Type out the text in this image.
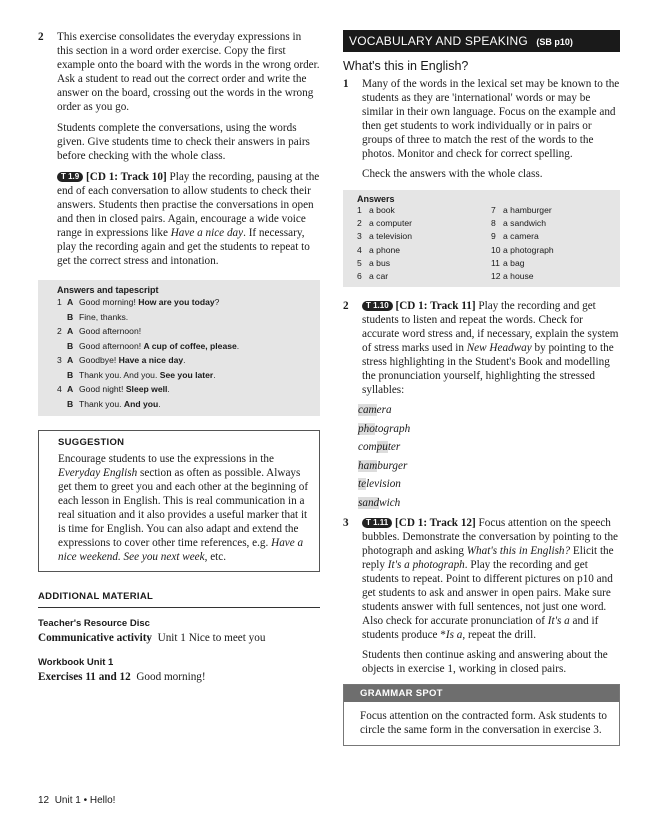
2 This exercise consolidates the everyday expressions in this section in a word order exercise. Copy the first example onto the board with the words in the wrong order. Ask a student to read out the correct order and write the answer on the board, crossing out the words in the wrong order as you go.

Students complete the conversations, using the words given. Give students time to check their answers in pairs before checking with the whole class.

T 1.9 [CD 1: Track 10] Play the recording, pausing at the end of each conversation to allow students to check their answers. Students then practise the conversations in open and then in closed pairs. Again, encourage a wide voice range in expressions like Have a nice day. If necessary, play the recording again and get the students to repeat to get the correct stress and intonation.

Answers and tapescript
1 A Good morning! How are you today?
B Fine, thanks.
2 A Good afternoon!
B Good afternoon! A cup of coffee, please.
3 A Goodbye! Have a nice day.
B Thank you. And you. See you later.
4 A Good night! Sleep well.
B Thank you. And you.
SUGGESTION

Encourage students to use the expressions in the Everyday English section as often as possible. Always get them to greet you and each other at the beginning of each lesson in English. This is real communication in a real situation and it also provides a useful marker that it is time for English. You can also adapt and extend the expressions to cover other time references, e.g. Have a nice weekend. See you next week, etc.

ADDITIONAL MATERIAL
Teacher's Resource Disc

Communicative activity Unit 1 Nice to meet you

Workbook Unit 1

Exercises 11 and 12 Good morning!

VOCABULARY AND SPEAKING (SB p10)
What's this in English?
1 Many of the words in the lexical set may be known to the students as they are 'international' words or may be similar in their own language. Focus on the example and then get students to work individually or in pairs or groups of three to match the rest of the words to the photos. Monitor and check for correct spelling.

Check the answers with the whole class.

Answers
1 a book
2 a computer
3 a television
4 a phone
5 a bus
6 a car
7 a hamburger
8 a sandwich
9 a camera
10 a photograph
11 a bag
12 a house
2	T 1.10 [CD 1: Track 11] Play the recording and get students to listen and repeat the words. Check for accurate word stress and, if necessary, explain the system of stress marks used in New Headway by pointing to the stress highlighting in the Student's Book and modelling the pronunciation yourself, highlighting the stressed syllables:

camera
photograph
computer
hamburger
television
sandwich
3	T 1.11 [CD 1: Track 12] Focus attention on the speech bubbles. Demonstrate the conversation by pointing to the photograph and asking What's this in English? Elicit the reply It's a photograph. Play the recording and get students to repeat. Point to different pictures on p10 and get students to ask and answer in open pairs. Make sure students answer with full sentences, not just one word. Also check for accurate pronunciation of It's a and if students produce *Is a, repeat the drill.

Students then continue asking and answering about the objects in exercise 1, working in closed pairs.

GRAMMAR SPOT

Focus attention on the contracted form. Ask students to circle the same form in the conversation in exercise 3.

12 Unit 1 • Hello!
